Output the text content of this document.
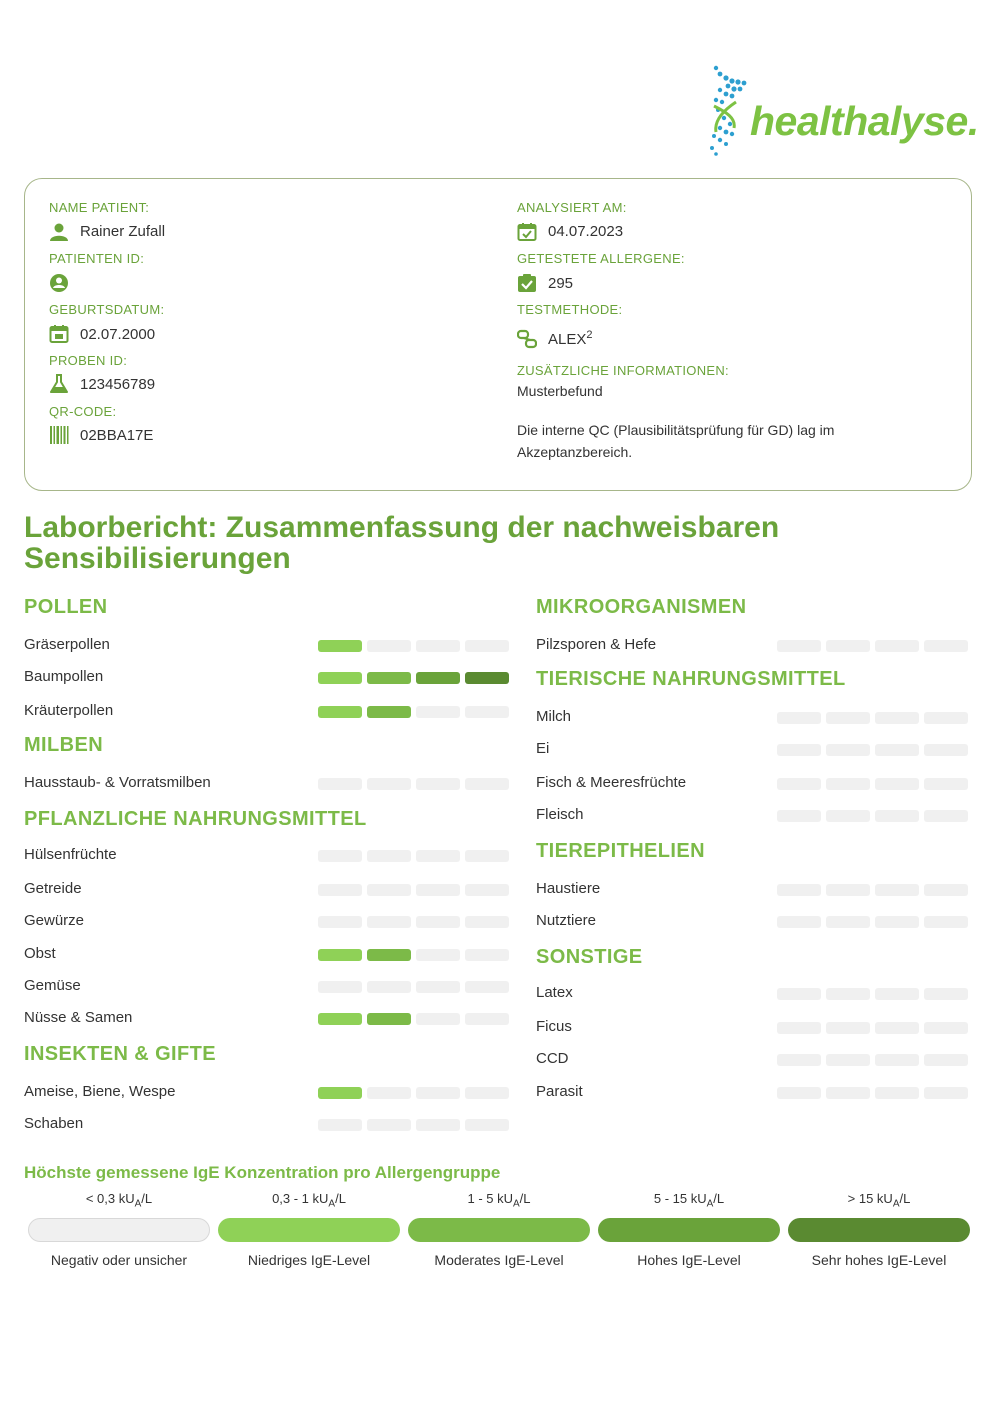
healthalyse.
NAME PATIENT:
Rainer Zufall
PATIENTEN ID:
GEBURTSDATUM:
02.07.2000
PROBEN ID:
123456789
QR-CODE:
02BBA17E
ANALYSIERT AM:
04.07.2023
GETESTETE ALLERGENE:
295
TESTMETHODE:
ALEX$^2$
ZUSÄTZLICHE INFORMATIONEN:
Musterbefund
Die interne QC (Plausibilitätsprüfung für GD) lag im
Akzeptanzbereich.
Laborbericht: Zusammenfassung der nachweisbaren
Sensibilisierungen
POLLEN
Gräserpollen
Baumpollen
Kräuterpollen
MILBEN
Hausstaub- & Vorratsmilben
PFLANZLICHE NAHRUNGSMITTEL
Hülsenfrüchte
Getreide
Gewürze
Obst
Gemüse
Nüsse & Samen
INSEKTEN & GIFTE
Ameise, Biene, Wespe
Schaben
MIKROORGANISMEN
Pilzsporen & Hefe
TIERISCHE NAHRUNGSMITTEL
Milch
Ei
Fisch & Meeresfrüchte
Fleisch
TIEREPITHELIEN
Haustiere
Nutztiere
SONSTIGE
Latex
Ficus
CCD
Parasit
Höchste gemessene IgE Konzentration pro Allergengruppe
< 0,3 $kU_A/L$
Negativ oder unsicher
0,3 - 1 $kU_A/L$
Niedriges IgE-Level
1 - 5 $kU_A/L$
Moderates IgE-Level
5 - 15 $kU_A/L$
Hohes IgE-Level
> 15 $kU_A/L$
Sehr hohes IgE-Level
